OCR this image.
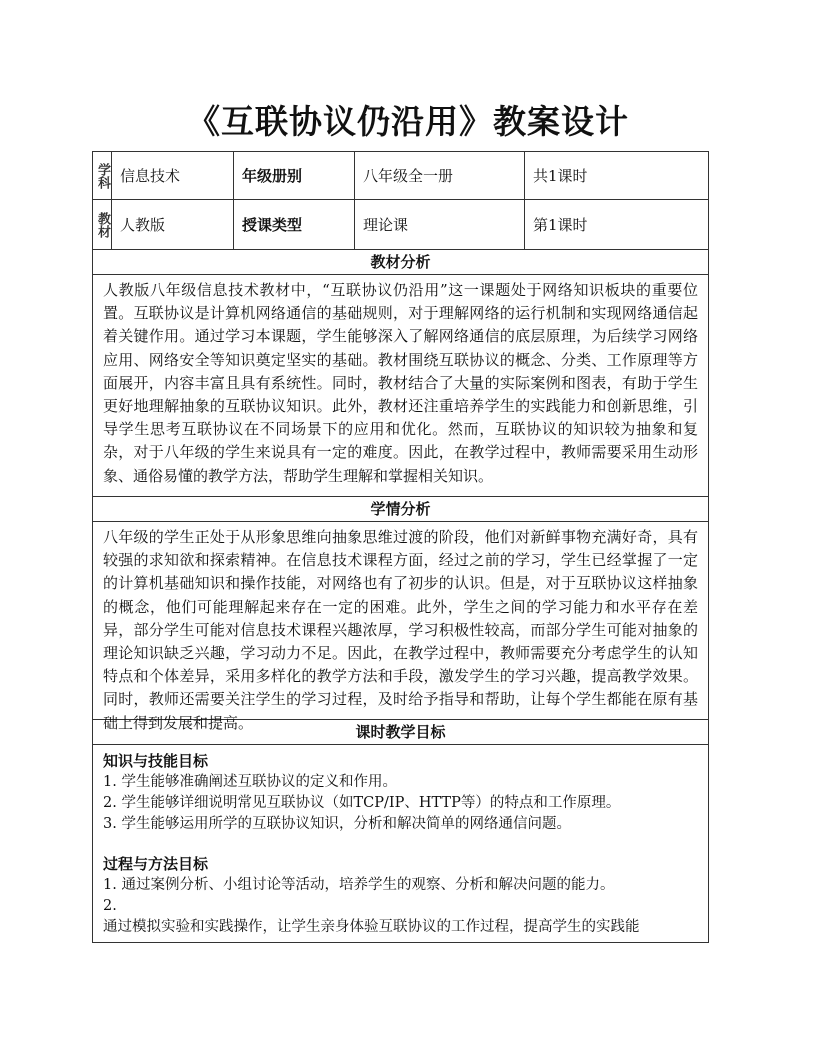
《互联协议仍沿用》教案设计
学科 信息技术	年级册别	八年级全一册	共1课时
教材 人教版	授课类型	理论课	第1课时
教材分析
人教版八年级信息技术教材中，“互联协议仍沿用”这一课题处于网络知识板块的重要位置。互联协议是计算机网络通信的基础规则，对于理解网络的运行机制和实现网络通信起着关键作用。通过学习本课题，学生能够深入了解网络通信的底层原理，为后续学习网络应用、网络安全等知识奠定坚实的基础。教材围绕互联协议的概念、分类、工作原理等方面展开，内容丰富且具有系统性。同时，教材结合了大量的实际案例和图表，有助于学生更好地理解抽象的互联协议知识。此外，教材还注重培养学生的实践能力和创新思维，引导学生思考互联协议在不同场景下的应用和优化。然而，互联协议的知识较为抽象和复杂，对于八年级的学生来说具有一定的难度。因此，在教学过程中，教师需要采用生动形象、通俗易懂的教学方法，帮助学生理解和掌握相关知识。
学情分析
八年级的学生正处于从形象思维向抽象思维过渡的阶段，他们对新鲜事物充满好奇，具有较强的求知欲和探索精神。在信息技术课程方面，经过之前的学习，学生已经掌握了一定的计算机基础知识和操作技能，对网络也有了初步的认识。但是，对于互联协议这样抽象的概念，他们可能理解起来存在一定的困难。此外，学生之间的学习能力和水平存在差异，部分学生可能对信息技术课程兴趣浓厚，学习积极性较高，而部分学生可能对抽象的理论知识缺乏兴趣，学习动力不足。因此，在教学过程中，教师需要充分考虑学生的认知特点和个体差异，采用多样化的教学方法和手段，激发学生的学习兴趣，提高教学效果。同时，教师还需要关注学生的学习过程，及时给予指导和帮助，让每个学生都能在原有基础上得到发展和提高。
课时教学目标
知识与技能目标
1. 学生能够准确阐述互联协议的定义和作用。
2. 学生能够详细说明常见互联协议（如TCP/IP、HTTP等）的特点和工作原理。
3. 学生能够运用所学的互联协议知识，分析和解决简单的网络通信问题。
过程与方法目标
1. 通过案例分析、小组讨论等活动，培养学生的观察、分析和解决问题的能力。
2.
通过模拟实验和实践操作，让学生亲身体验互联协议的工作过程，提高学生的实践能
